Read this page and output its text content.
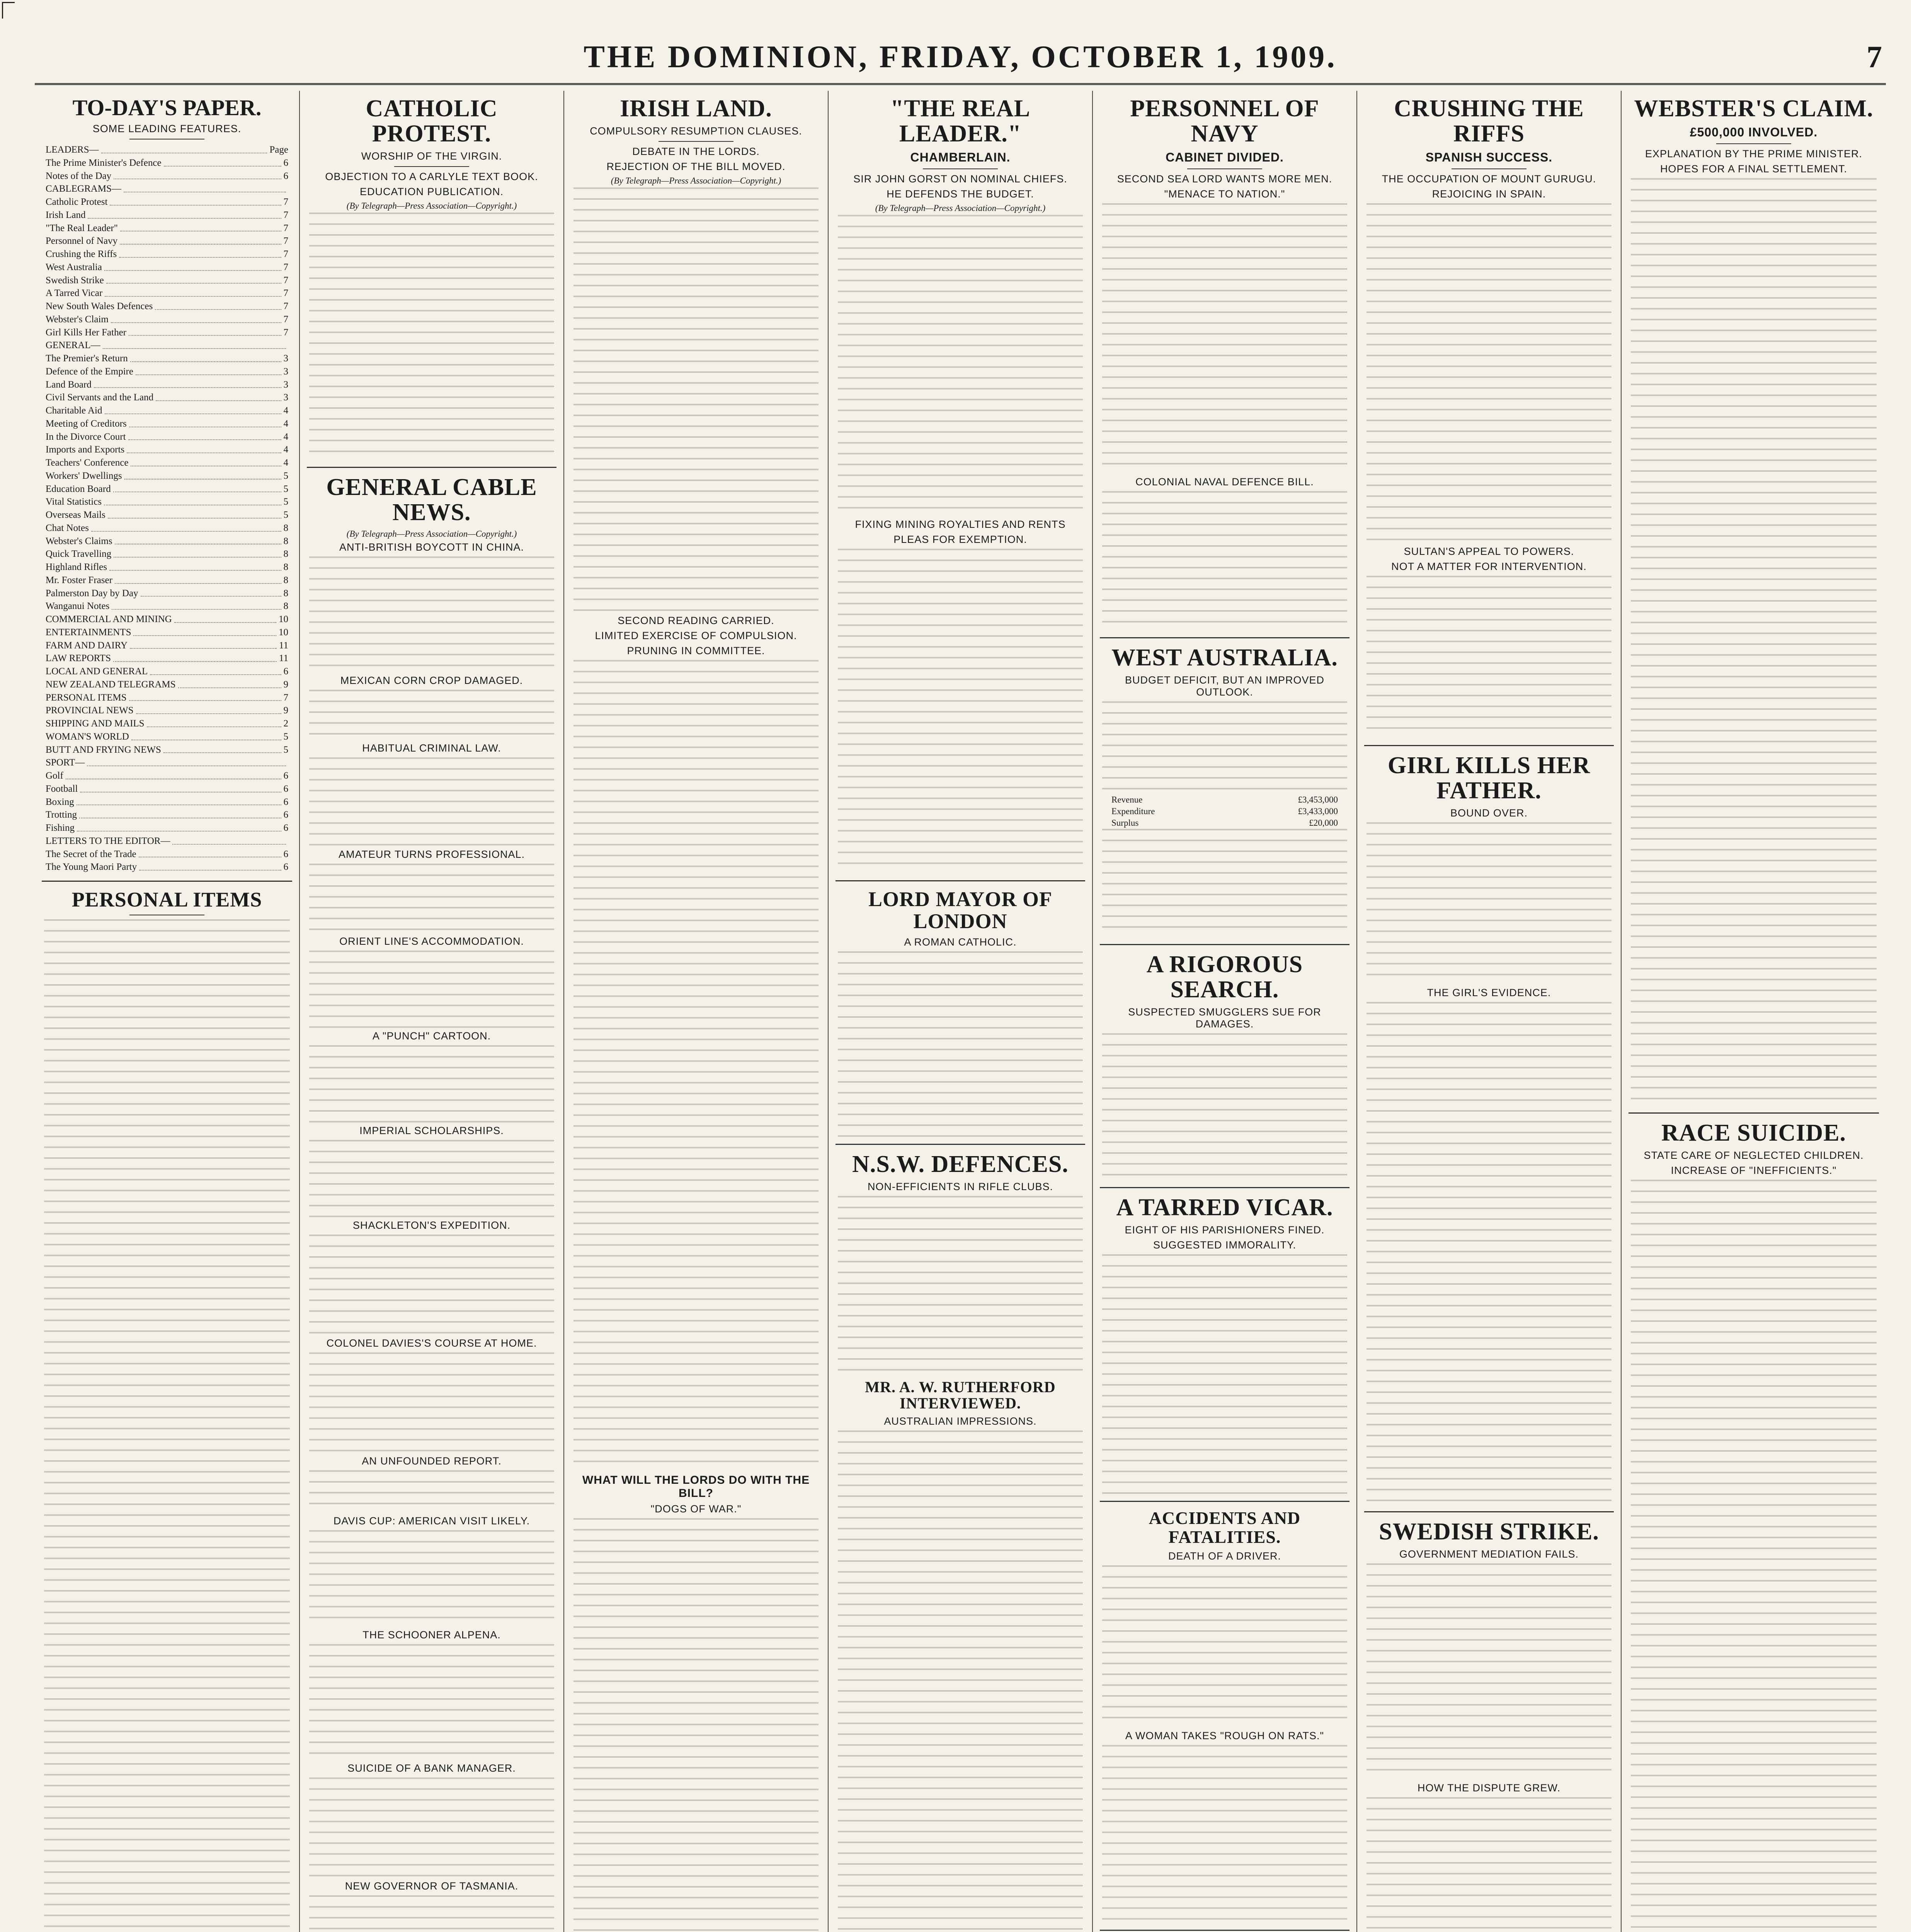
THE DOMINION, FRIDAY, OCTOBER 1, 1909.	7
TO-DAY'S PAPER.
SOME LEADING FEATURES.
LEADERS—	Page
The Prime Minister's Defence	6
Notes of the Day	6
CABLEGRAMS—
Catholic Protest	7
Irish Land	7
"The Real Leader"	7
Personnel of Navy	7
Crushing the Riffs	7
West Australia	7
Swedish Strike	7
A Tarred Vicar	7
New South Wales Defences	7
Webster's Claim	7
Girl Kills Her Father	7
GENERAL—
The Premier's Return	3
Defence of the Empire	3
Land Board	3
Civil Servants and the Land	3
Charitable Aid	4
Meeting of Creditors	4
In the Divorce Court	4
Imports and Exports	4
Teachers' Conference	4
Workers' Dwellings	5
Education Board	5
Vital Statistics	5
Overseas Mails	5
Chat Notes	8
Webster's Claims	8
Quick Travelling	8
Highland Rifles	8
Mr. Foster Fraser	8
Palmerston Day by Day	8
Wanganui Notes	8
COMMERCIAL AND MINING	10
ENTERTAINMENTS	10
FARM AND DAIRY	11
LAW REPORTS	11
LOCAL AND GENERAL	6
NEW ZEALAND TELEGRAMS	9
PERSONAL ITEMS	7
PROVINCIAL NEWS	9
SHIPPING AND MAILS	2
WOMAN'S WORLD	5
BUTT AND FRYING NEWS	5
SPORT—
Golf	6
Football	6
Boxing	6
Trotting	6
Fishing	6
LETTERS TO THE EDITOR—
The Secret of the Trade	6
The Young Maori Party	6
PERSONAL ITEMS
CATHOLIC PROTEST.
WORSHIP OF THE VIRGIN.
OBJECTION TO A CARLYLE TEXT BOOK.
EDUCATION PUBLICATION.
(By Telegraph—Press Association—Copyright.)
GENERAL CABLE NEWS.
(By Telegraph—Press Association—Copyright.)
ANTI-BRITISH BOYCOTT IN CHINA.
MEXICAN CORN CROP DAMAGED.
HABITUAL CRIMINAL LAW.
AMATEUR TURNS PROFESSIONAL.
ORIENT LINE'S ACCOMMODATION.
A "PUNCH" CARTOON.
IMPERIAL SCHOLARSHIPS.
SHACKLETON'S EXPEDITION.
COLONEL DAVIES'S COURSE AT HOME.
AN UNFOUNDED REPORT.
DAVIS CUP: AMERICAN VISIT LIKELY.
THE SCHOONER ALPENA.
SUICIDE OF A BANK MANAGER.
NEW GOVERNOR OF TASMANIA.
IRISH LAND.
COMPULSORY RESUMPTION CLAUSES.
DEBATE IN THE LORDS.
REJECTION OF THE BILL MOVED.
(By Telegraph—Press Association—Copyright.)
SECOND READING CARRIED.
LIMITED EXERCISE OF COMPULSION.
PRUNING IN COMMITTEE.
WHAT WILL THE LORDS DO WITH THE BILL?
"DOGS OF WAR."
"THE REAL LEADER."
CHAMBERLAIN.
SIR JOHN GORST ON NOMINAL CHIEFS.
HE DEFENDS THE BUDGET.
(By Telegraph—Press Association—Copyright.)
FIXING MINING ROYALTIES AND RENTS
PLEAS FOR EXEMPTION.
LORD MAYOR OF LONDON
A ROMAN CATHOLIC.
N.S.W. DEFENCES.
NON-EFFICIENTS IN RIFLE CLUBS.
MR. A. W. RUTHERFORD INTERVIEWED.
AUSTRALIAN IMPRESSIONS.
PERSONNEL OF NAVY
CABINET DIVIDED.
SECOND SEA LORD WANTS MORE MEN.
"MENACE TO NATION."
COLONIAL NAVAL DEFENCE BILL.
WEST AUSTRALIA.
BUDGET DEFICIT, BUT AN IMPROVED OUTLOOK.
Revenue	£3,453,000
Expenditure	£3,433,000
Surplus	£20,000
A RIGOROUS SEARCH.
SUSPECTED SMUGGLERS SUE FOR DAMAGES.
A TARRED VICAR.
EIGHT OF HIS PARISHIONERS FINED.
SUGGESTED IMMORALITY.
ACCIDENTS AND FATALITIES.
DEATH OF A DRIVER.
A WOMAN TAKES "ROUGH ON RATS."
CRUSHING THE RIFFS
SPANISH SUCCESS.
THE OCCUPATION OF MOUNT GURUGU.
REJOICING IN SPAIN.
SULTAN'S APPEAL TO POWERS.
NOT A MATTER FOR INTERVENTION.
GIRL KILLS HER FATHER.
BOUND OVER.
THE GIRL'S EVIDENCE.
SWEDISH STRIKE.
GOVERNMENT MEDIATION FAILS.
HOW THE DISPUTE GREW.
WEBSTER'S CLAIM.
£500,000 INVOLVED.
EXPLANATION BY THE PRIME MINISTER.
HOPES FOR A FINAL SETTLEMENT.
RACE SUICIDE.
STATE CARE OF NEGLECTED CHILDREN.
INCREASE OF "INEFFICIENTS."
